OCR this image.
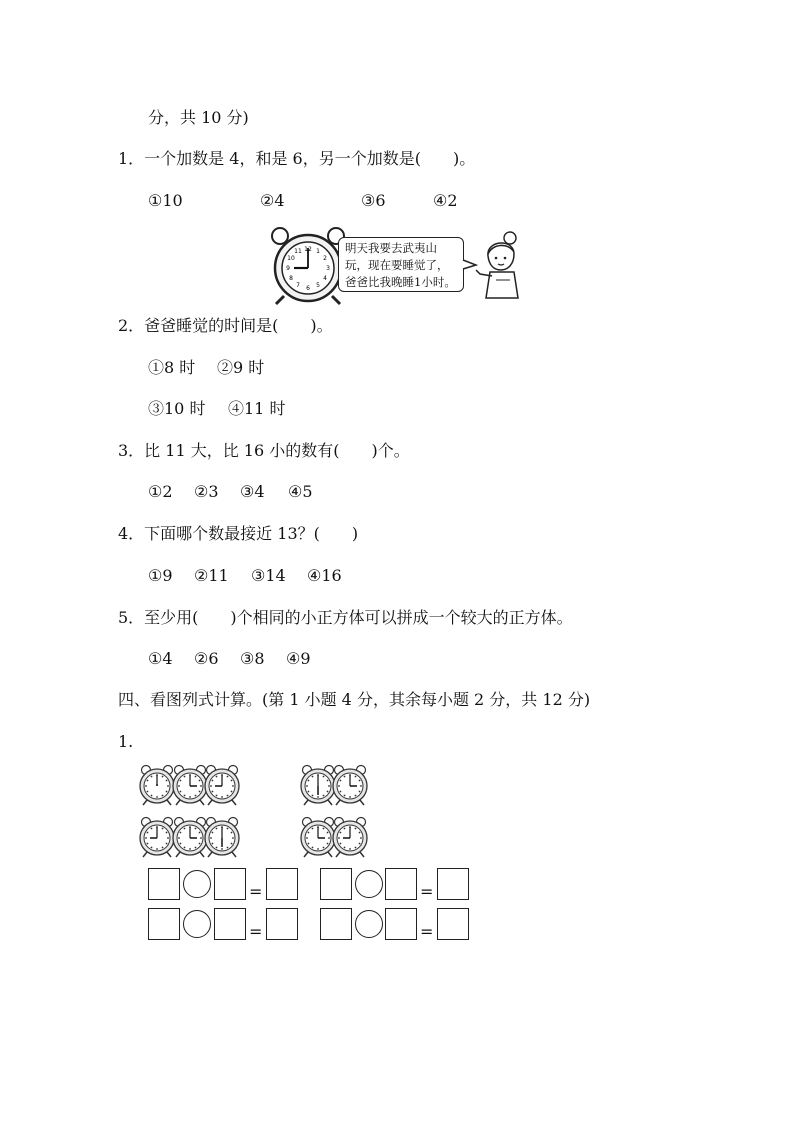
分，共 10 分)
1．一个加数是 4，和是 6，另一个加数是(　　)。
①10	②4	③6	④2
12 1
2
3
4
5
6
7
8
9
10
11	明天我要去武夷山
玩，现在要睡觉了，
爸爸比我晚睡1小时。
2．爸爸睡觉的时间是(　　)。
①8 时 ②9 时
③10 时 ④11 时
3．比 11 大，比 16 小的数有(　　)个。
①2 ②3 ③4 ④5
4．下面哪个数最接近 13？(　　)
①9 ②11 ③14 ④16
5．至少用(　　)个相同的小正方体可以拼成一个较大的正方体。
①4 ②6 ③8 ④9
四、看图列式计算。(第 1 小题 4 分，其余每小题 2 分，共 12 分)
1.
=	=
=	=
